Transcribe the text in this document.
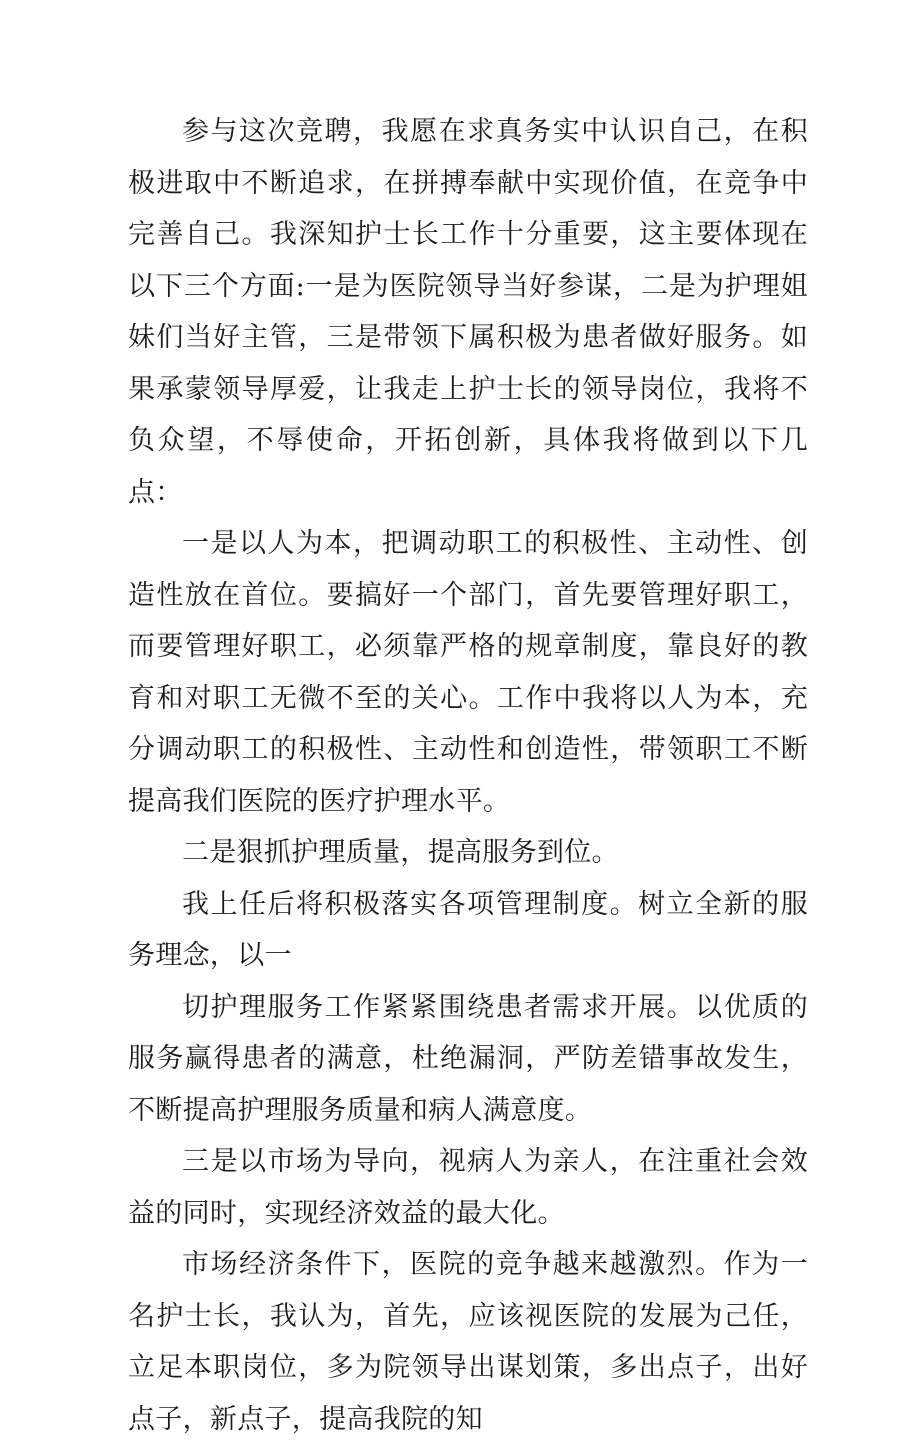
参与这次竞聘，我愿在求真务实中认识自己，在积极进取中不断追求，在拼搏奉献中实现价值，在竞争中完善自己。我深知护士长工作十分重要，这主要体现在以下三个方面:一是为医院领导当好参谋，二是为护理姐妹们当好主管，三是带领下属积极为患者做好服务。如果承蒙领导厚爱，让我走上护士长的领导岗位，我将不负众望，不辱使命，开拓创新，具体我将做到以下几点：

一是以人为本，把调动职工的积极性、主动性、创造性放在首位。要搞好一个部门，首先要管理好职工，而要管理好职工，必须靠严格的规章制度，靠良好的教育和对职工无微不至的关心。工作中我将以人为本，充分调动职工的积极性、主动性和创造性，带领职工不断提高我们医院的医疗护理水平。

二是狠抓护理质量，提高服务到位。

我上任后将积极落实各项管理制度。树立全新的服务理念，以一

切护理服务工作紧紧围绕患者需求开展。以优质的服务赢得患者的满意，杜绝漏洞，严防差错事故发生，不断提高护理服务质量和病人满意度。

三是以市场为导向，视病人为亲人，在注重社会效益的同时，实现经济效益的最大化。

市场经济条件下，医院的竞争越来越激烈。作为一名护士长，我认为，首先，应该视医院的发展为己任，立足本职岗位，多为院领导出谋划策，多出点子，出好点子，新点子，提高我院的知
